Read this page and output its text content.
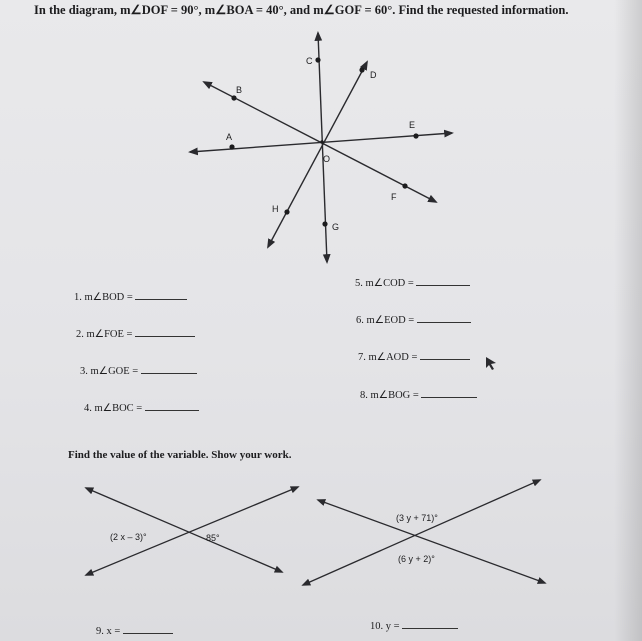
In the diagram, m∠DOF = 90°, m∠BOA = 40°, and m∠GOF = 60°. Find the requested information.
C
D
B
A
E
O
F
H
G
(2 x – 3)°	85°
(3 y + 71)°
(6 y + 2)°
1. m∠BOD =
2. m∠FOE =
3. m∠GOE =
4. m∠BOC =
5. m∠COD =
6. m∠EOD =
7. m∠AOD =
8. m∠BOG =
Find the value of the variable. Show your work.
9. x =	10. y =
